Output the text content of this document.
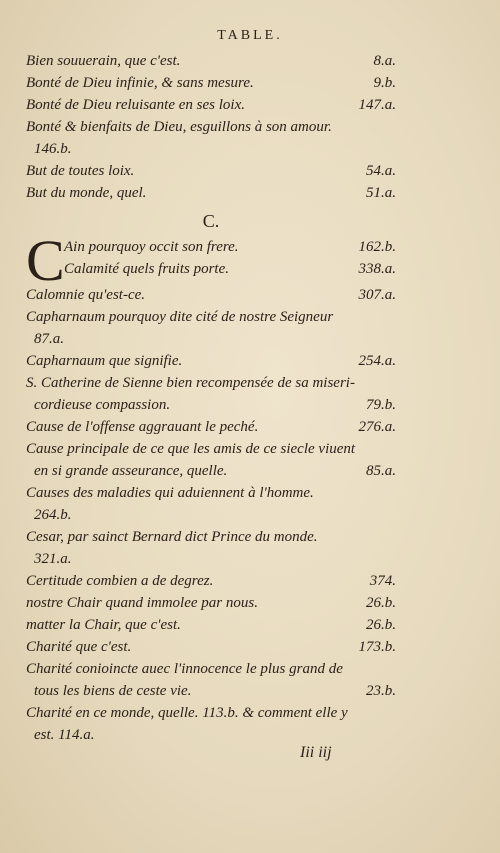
TABLE.
Bien souuerain, que c'est.	8.a.
Bonté de Dieu infinie, & sans mesure.	9.b.
Bonté de Dieu reluisante en ses loix.	147.a.
Bonté & bienfaits de Dieu, esguillons à son amour.
146.b.
But de toutes loix.	54.a.
But du monde, quel.	51.a.
C.
C Ain pourquoy occit son frere.	162.b.
Calamité quels fruits porte.	338.a.
Calomnie qu'est-ce.	307.a.
Capharnaum pourquoy dite cité de nostre Seigneur
87.a.
Capharnaum que signifie.	254.a.
S. Catherine de Sienne bien recompensée de sa miseri-
cordieuse compassion.	79.b.
Cause de l'offense aggrauant le peché.	276.a.
Cause principale de ce que les amis de ce siecle viuent
en si grande asseurance, quelle.	85.a.
Causes des maladies qui aduiennent à l'homme.
264.b.
Cesar, par sainct Bernard dict Prince du monde.
321.a.
Certitude combien a de degrez.	374.
nostre Chair quand immolee par nous.	26.b.
matter la Chair, que c'est.	26.b.
Charité que c'est.	173.b.
Charité conioincte auec l'innocence le plus grand de
tous les biens de ceste vie.	23.b.
Charité en ce monde, quelle. 113.b. & comment elle y
est. 114.a.
Iii iij
